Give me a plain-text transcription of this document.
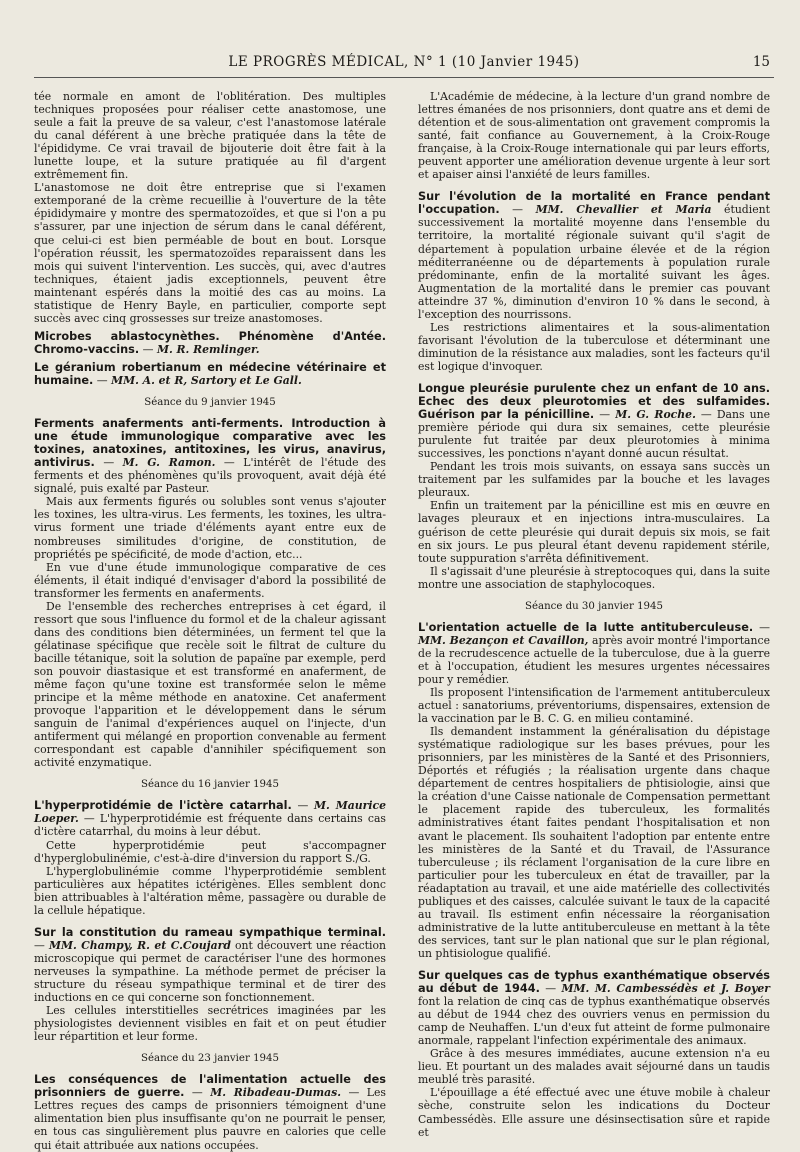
LE PROGRÈS MÉDICAL, N° 1 (10 Janvier 1945)	15

tée normale en amont de l'oblitération. Des multiples techniques proposées pour réaliser cette anastomose, une seule a fait la preuve de sa valeur, c'est l'anastomose latérale du canal déférent à une brèche pratiquée dans la tête de l'épididyme. Ce vrai travail de bijouterie doit être fait à la lunette loupe, et la suture pratiquée au fil d'argent extrêmement fin.

L'anastomose ne doit être entreprise que si l'examen extemporané de la crème recueillie à l'ouverture de la tête épididymaire y montre des spermatozoïdes, et que si l'on a pu s'assurer, par une injection de sérum dans le canal déférent, que celui-ci est bien perméable de bout en bout. Lorsque l'opération réussit, les spermatozoïdes reparaissent dans les mois qui suivent l'intervention. Les succès, qui, avec d'autres techniques, étaient jadis exceptionnels, peuvent être maintenant espérés dans la moitié des cas au moins. La statistique de Henry Bayle, en particulier, comporte sept succès avec cinq grossesses sur treize anastomoses.

Microbes ablastocynèthes. Phénomène d'Antée. Chromo-vaccins. — M. R. Remlinger.

Le géranium robertianum en médecine vétérinaire et humaine. — MM. A. et R, Sartory et Le Gall.

Séance du 9 janvier 1945

Ferments anaferments anti-ferments. Introduction à une étude immunologique comparative avec les toxines, anatoxines, antitoxines, les virus, anavirus, antivirus. — M. G. Ramon. — L'intérêt de l'étude des ferments et des phénomènes qu'ils provoquent, avait déjà été signalé, puis exalté par Pasteur.

Mais aux ferments figurés ou solubles sont venus s'ajouter les toxines, les ultra-virus. Les ferments, les toxines, les ultra-virus forment une triade d'éléments ayant entre eux de nombreuses similitudes d'origine, de constitution, de propriétés pe spécificité, de mode d'action, etc...

En vue d'une étude immunologique comparative de ces éléments, il était indiqué d'envisager d'abord la possibilité de transformer les ferments en anaferments.

De l'ensemble des recherches entreprises à cet égard, il ressort que sous l'influence du formol et de la chaleur agissant dans des conditions bien déterminées, un ferment tel que la gélatinase spécifique que recèle soit le filtrat de culture du bacille tétanique, soit la solution de papaïne par exemple, perd son pouvoir diastasique et est transformé en anaferment, de même façon qu'une toxine est transformée selon le même principe et la même méthode en anatoxine. Cet anaferment provoque l'apparition et le développement dans le sérum sanguin de l'animal d'expériences auquel on l'injecte, d'un antiferment qui mélangé en proportion convenable au ferment correspondant est capable d'annihiler spécifiquement son activité enzymatique.

Séance du 16 janvier 1945

L'hyperprotidémie de l'ictère catarrhal. — M. Maurice Loeper. — L'hyperprotidémie est fréquente dans certains cas d'ictère catarrhal, du moins à leur début.

Cette hyperprotidémie peut s'accompagner d'hyperglobulinémie, c'est-à-dire d'inversion du rapport S./G.

L'hyperglobulinémie comme l'hyperprotidémie semblent particulières aux hépatites ictérigènes. Elles semblent donc bien attribuables à l'altération même, passagère ou durable de la cellule hépatique.

Sur la constitution du rameau sympathique terminal. — MM. Champy, R. et C.Coujard ont découvert une réaction microscopique qui permet de caractériser l'une des hormones nerveuses la sympathine. La méthode permet de préciser la structure du réseau sympathique terminal et de tirer des inductions en ce qui concerne son fonctionnement.

Les cellules interstitielles secrétrices imaginées par les physiologistes deviennent visibles en fait et on peut étudier leur répartition et leur forme.

Séance du 23 janvier 1945

Les conséquences de l'alimentation actuelle des prisonniers de guerre. — M. Ribadeau-Dumas. — Les Lettres reçues des camps de prisonniers témoignent d'une alimentation bien plus insuffisante qu'on ne pourrait le penser, en tous cas singulièrement plus pauvre en calories que celle qui était attribuée aux nations occupées.

L'Académie de médecine, à la lecture d'un grand nombre de lettres émanées de nos prisonniers, dont quatre ans et demi de détention et de sous-alimentation ont gravement compromis la santé, fait confiance au Gouvernement, à la Croix-Rouge française, à la Croix-Rouge internationale qui par leurs efforts, peuvent apporter une amélioration devenue urgente à leur sort et apaiser ainsi l'anxiété de leurs familles.

Sur l'évolution de la mortalité en France pendant l'occupation. — MM. Chevallier et Maria étudient successivement la mortalité moyenne dans l'ensemble du territoire, la mortalité régionale suivant qu'il s'agit de département à population urbaine élevée et de la région méditerranéenne ou de départements à population rurale prédominante, enfin de la mortalité suivant les âges. Augmentation de la mortalité dans le premier cas pouvant atteindre 37 %, diminution d'environ 10 % dans le second, à l'exception des nourrissons.

Les restrictions alimentaires et la sous-alimentation favorisant l'évolution de la tuberculose et déterminant une diminution de la résistance aux maladies, sont les facteurs qu'il est logique d'invoquer.

Longue pleurésie purulente chez un enfant de 10 ans. Echec des deux pleurotomies et des sulfamides. Guérison par la pénicilline. — M. G. Roche. — Dans une première période qui dura six semaines, cette pleurésie purulente fut traitée par deux pleurotomies à minima successives, les ponctions n'ayant donné aucun résultat.

Pendant les trois mois suivants, on essaya sans succès un traitement par les sulfamides par la bouche et les lavages pleuraux.

Enfin un traitement par la pénicilline est mis en œuvre en lavages pleuraux et en injections intra-musculaires. La guérison de cette pleurésie qui durait depuis six mois, se fait en six jours. Le pus pleural étant devenu rapidement stérile, toute suppuration s'arrêta définitivement.

Il s'agissait d'une pleurésie à streptocoques qui, dans la suite montre une association de staphylocoques.

Séance du 30 janvier 1945

L'orientation actuelle de la lutte antituberculeuse. — MM. Bezançon et Cavaillon, après avoir montré l'importance de la recrudescence actuelle de la tuberculose, due à la guerre et à l'occupation, étudient les mesures urgentes nécessaires pour y remédier.

Ils proposent l'intensification de l'armement antituberculeux actuel : sanatoriums, préventoriums, dispensaires, extension de la vaccination par le B. C. G. en milieu contaminé.

Ils demandent instamment la généralisation du dépistage systématique radiologique sur les bases prévues, pour les prisonniers, par les ministères de la Santé et des Prisonniers, Déportés et réfugiés ; la réalisation urgente dans chaque département de centres hospitaliers de phtisiologie, ainsi que la création d'une Caisse nationale de Compensation permettant le placement rapide des tuberculeux, les formalités administratives étant faites pendant l'hospitalisation et non avant le placement. Ils souhaitent l'adoption par entente entre les ministères de la Santé et du Travail, de l'Assurance tuberculeuse ; ils réclament l'organisation de la cure libre en particulier pour les tuberculeux en état de travailler, par la réadaptation au travail, et une aide matérielle des collectivités publiques et des caisses, calculée suivant le taux de la capacité au travail. Ils estiment enfin nécessaire la réorganisation administrative de la lutte antituberculeuse en mettant à la tête des services, tant sur le plan national que sur le plan régional, un phtisiologue qualifié.

Sur quelques cas de typhus exanthématique observés au début de 1944. — MM. M. Cambessédès et J. Boyer font la relation de cinq cas de typhus exanthématique observés au début de 1944 chez des ouvriers venus en permission du camp de Neuhaffen. L'un d'eux fut atteint de forme pulmonaire anormale, rappelant l'infection expérimentale des animaux.

Grâce à des mesures immédiates, aucune extension n'a eu lieu. Et pourtant un des malades avait séjourné dans un taudis meublé très parasité.

L'épouillage a été effectué avec une étuve mobile à chaleur sèche, construite selon les indications du Docteur Cambessédès. Elle assure une désinsectisation sûre et rapide et
